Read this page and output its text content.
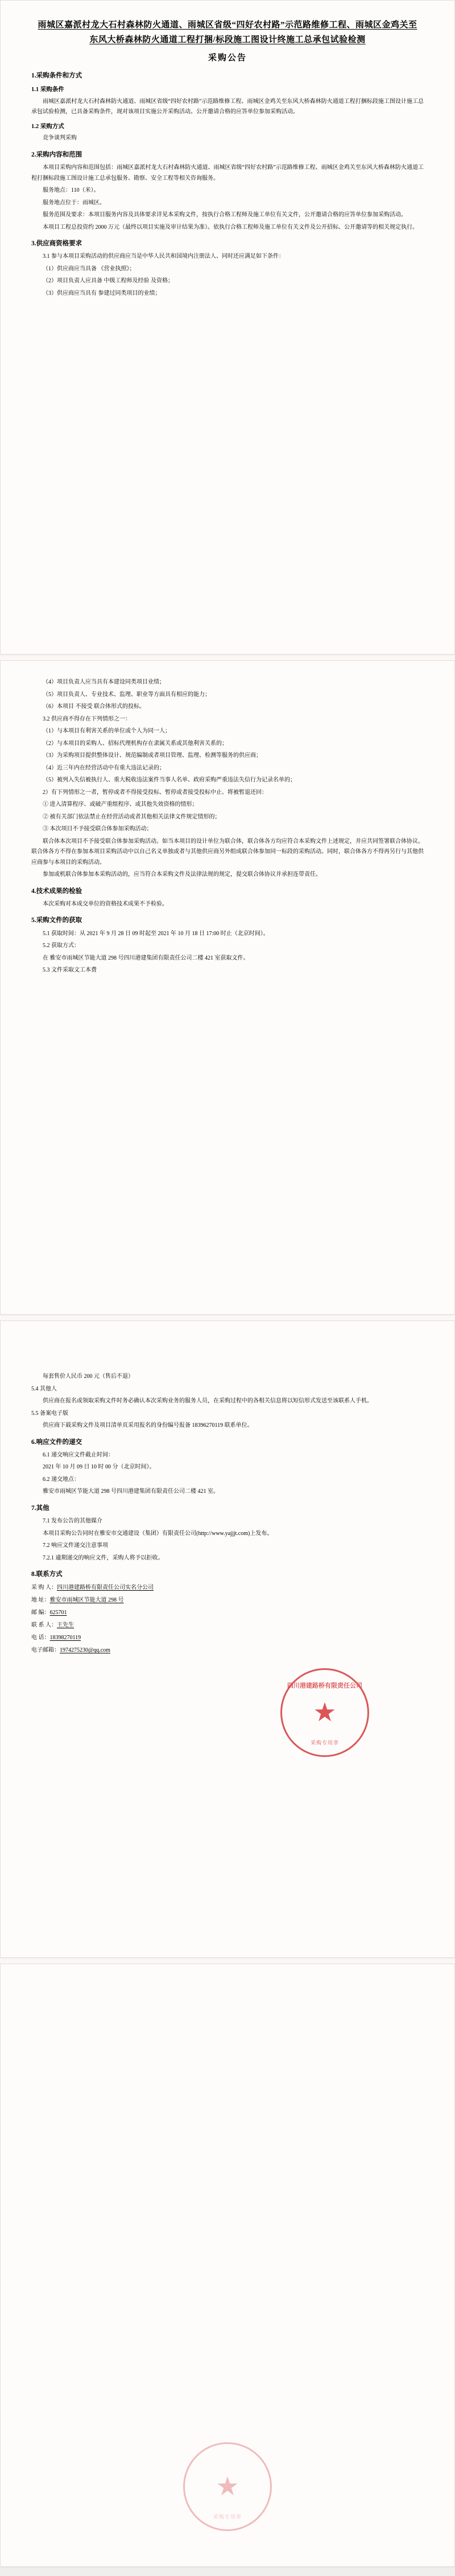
雨城区嘉派村龙大石村森林防火通道、雨城区省级“四好农村路”示范路维修工程、雨城区金鸡关至东风大桥森林防火通道工程打捆/标段施工图设计终施工总承包试验检测
采购公告
1.采购条件和方式
1.1 采购条件

雨城区嘉派村龙大石村森林防火通道、雨城区省级“四好农村路”示范路维修工程、雨城区金鸡关至东风大桥森林防火通道工程打捆标段施工图设计施工总承包试验检测，已具备采购条件，现对该项目实施公开采购活动。公开邀请合格的应答单位参加采购活动。

1.2 采购方式

竞争谈判采购

2.采购内容和范围

本项目采购内容和范围包括：雨城区嘉派村龙大石村森林防火通道、雨城区省级“四好农村路”示范路维修工程、雨城区金鸡关至东风大桥森林防火通道工程打捆标段施工图设计施工总承包服务、勘察、安全工程等相关咨询服务。

服务地点：110（米）。

服务地点位于：雨城区。

服务范围及要求：本项目服务内容及具体要求详见本采购文件，按执行合格工程师及施工单位有关文件，公开邀请合格的应答单位参加采购活动。

本项目工程总投资约 2000 万元（最终以项目实施及审计结果为准）。依执行合格工程师及施工单位有关文件及公开招标、公开邀请等的相关规定执行。

3.供应商资格要求

3.1 参与本项目采购活动的供应商应当是中华人民共和国境内注册法人、同时还应满足如下条件：

（1）供应商应当具备 《营业执照》；

（2）项目负责人应具备 中级工程师及经验 及资格；

（3）供应商应当具有 参建过同类项目的业绩；

（4）项目负责人应当具有本建设同类项目业绩；

（5）项目负责人、专业技术、监理、职业等方面具有相应的能力；

（6）本项目 不接受 联合体形式的投标。

3.2 供应商不得存在下列情形之一：

（1）与本项目有利害关系的单位或个人为同一人；

（2）与本项目的采购人、招标代理机构存在隶属关系或其他利害关系的；

（3）为采购项目提供整体设计、规范编制或者项目管理、监理、检测等服务的供应商；

（4）近三年内在经营活动中有重大违法记录的；

（5）被列入失信被执行人、重大税收违法案件当事人名单、政府采购严重违法失信行为记录名单的；

2）有下列情形之一者，暂停或者不得接受投标、暂停或者接受投标中止、将被暂退还回：

① 进入清算程序、或破产重组程序、或其他失效资格的情形；

② 被有关部门依法禁止在经营活动或者其他相关法律文件规定情形的；

③ 本次项目不予接受联合体参加采购活动；

联合体本次项目不予接受联合体参加采购活动。如当本项目的设计单位为联合体，联合体各方均应符合本采购文件上述规定，并应共同签署联合体协议。联合体各方不得在参加本项目采购活动中以自己名义单独或者与其他供应商另外组成联合体参加同一标段的采购活动。同时，联合体各方不得再另行与其他供应商参与本项目的采购活动。

参加或机联合体参加本采购活动的，应当符合本采购文件及法律法规的规定，提交联合体协议并承担连带责任。

4.技术成果的检验

本次采购对本成交单位的资格技术成果不予检验。

5.采购文件的获取

5.1 获取时间：从 2021 年 9 月 28 日 09 时起至 2021 年 10 月 18 日 17:00 时止（北京时间）。

5.2 获取方式：

在 雅安市雨城区节能大道 298 号四川港建集团有限责任公司二楼 421 室获取文件。

5.3 文件采取文工本费

每套售价人民币 200 元（售后不退）

5.4 其他人

供应商在报名或领取采购文件时务必确认本次采购业务的服务人员，在采购过程中的各相关信息将以短信形式发送至该联系人手机。

5.5 备案电子版

供应商下载采购文件及项目清单页采用报名的身份编号报备 18396270119 联系单位。

6.响应文件的递交

6.1 递交响应文件截止时间：

2021 年 10 月 09 日 10 时 00 分（北京时间）。

6.2 递交地点：

雅安市雨城区节能大道 298 号四川港建集团有限责任公司二楼 421 室。

7.其他

7.1 发布公告的其他媒介

本项目采购公告同时在雅安市交通建设（集团）有限责任公司(http://www.yajjjt.com)上发布。

7.2 响应文件递交注意事项

7.2.1 逾期递交的响应文件，采购人将予以拒收。

8.联系方式
采 购 人：四川港建路桥有限责任公司实名分公司
地 址：雅安市雨城区节能大道 298 号
邮 编：625701
联 系 人：王先生
电 话：18398270119
电子邮箱：1974275230@qq.com
四川港建路桥有限责任公司
★
采购专用章
★
采购专用章
